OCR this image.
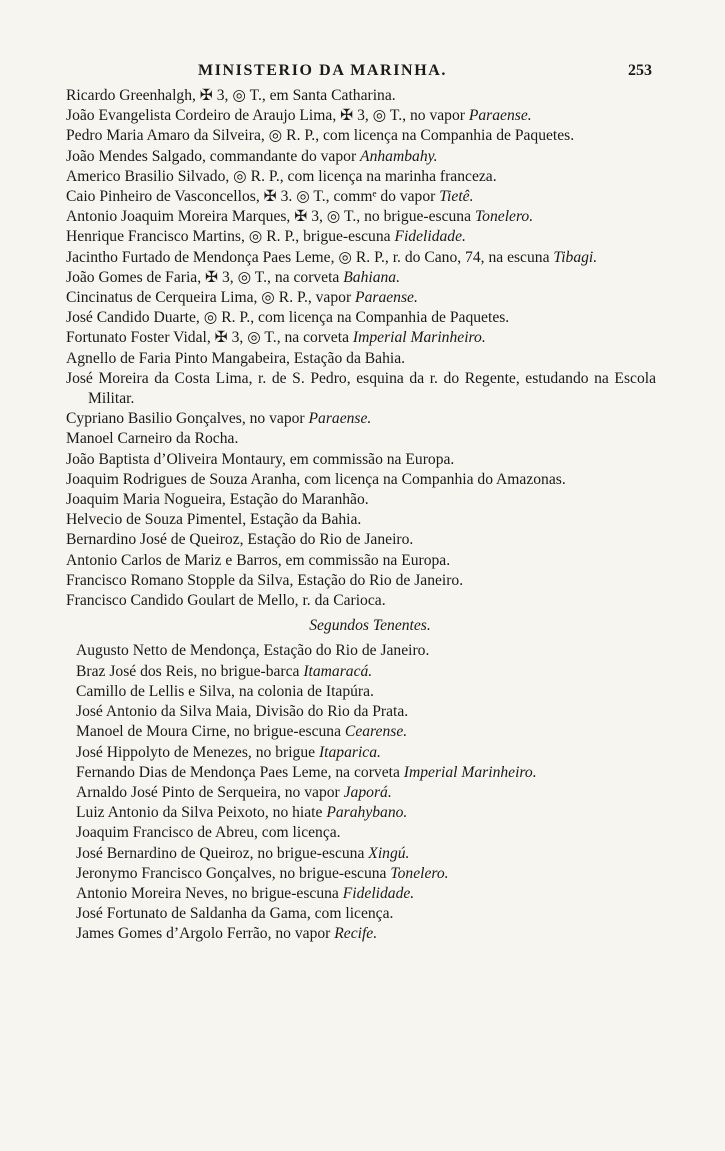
MINISTERIO DA MARINHA.	253

Ricardo Greenhalgh, ✠ 3, ◎ T., em Santa Catharina.

João Evangelista Cordeiro de Araujo Lima, ✠ 3, ◎ T., no vapor Paraense.

Pedro Maria Amaro da Silveira, ◎ R. P., com licença na Companhia de Paquetes.

João Mendes Salgado, commandante do vapor Anhambahy.

Americo Brasilio Silvado, ◎ R. P., com licença na marinha franceza.

Caio Pinheiro de Vasconcellos, ✠ 3. ◎ T., commᵉ do vapor Tietê.

Antonio Joaquim Moreira Marques, ✠ 3, ◎ T., no brigue-escuna Tonelero.

Henrique Francisco Martins, ◎ R. P., brigue-escuna Fidelidade.

Jacintho Furtado de Mendonça Paes Leme, ◎ R. P., r. do Cano, 74, na escuna Tibagi.

João Gomes de Faria, ✠ 3, ◎ T., na corveta Bahiana.

Cincinatus de Cerqueira Lima, ◎ R. P., vapor Paraense.

José Candido Duarte, ◎ R. P., com licença na Companhia de Paquetes.

Fortunato Foster Vidal, ✠ 3, ◎ T., na corveta Imperial Marinheiro.

Agnello de Faria Pinto Mangabeira, Estação da Bahia.

José Moreira da Costa Lima, r. de S. Pedro, esquina da r. do Regente, estudando na Escola Militar.

Cypriano Basilio Gonçalves, no vapor Paraense.

Manoel Carneiro da Rocha.

João Baptista d’Oliveira Montaury, em commissão na Europa.

Joaquim Rodrigues de Souza Aranha, com licença na Companhia do Amazonas.

Joaquim Maria Nogueira, Estação do Maranhão.

Helvecio de Souza Pimentel, Estação da Bahia.

Bernardino José de Queiroz, Estação do Rio de Janeiro.

Antonio Carlos de Mariz e Barros, em commissão na Europa.

Francisco Romano Stopple da Silva, Estação do Rio de Janeiro.

Francisco Candido Goulart de Mello, r. da Carioca.

Segundos Tenentes.

Augusto Netto de Mendonça, Estação do Rio de Janeiro.

Braz José dos Reis, no brigue-barca Itamaracá.

Camillo de Lellis e Silva, na colonia de Itapúra.

José Antonio da Silva Maia, Divisão do Rio da Prata.

Manoel de Moura Cirne, no brigue-escuna Cearense.

José Hippolyto de Menezes, no brigue Itaparica.

Fernando Dias de Mendonça Paes Leme, na corveta Imperial Marinheiro.

Arnaldo José Pinto de Serqueira, no vapor Japorá.

Luiz Antonio da Silva Peixoto, no hiate Parahybano.

Joaquim Francisco de Abreu, com licença.

José Bernardino de Queiroz, no brigue-escuna Xingú.

Jeronymo Francisco Gonçalves, no brigue-escuna Tonelero.

Antonio Moreira Neves, no brigue-escuna Fidelidade.

José Fortunato de Saldanha da Gama, com licença.

James Gomes d’Argolo Ferrão, no vapor Recife.
